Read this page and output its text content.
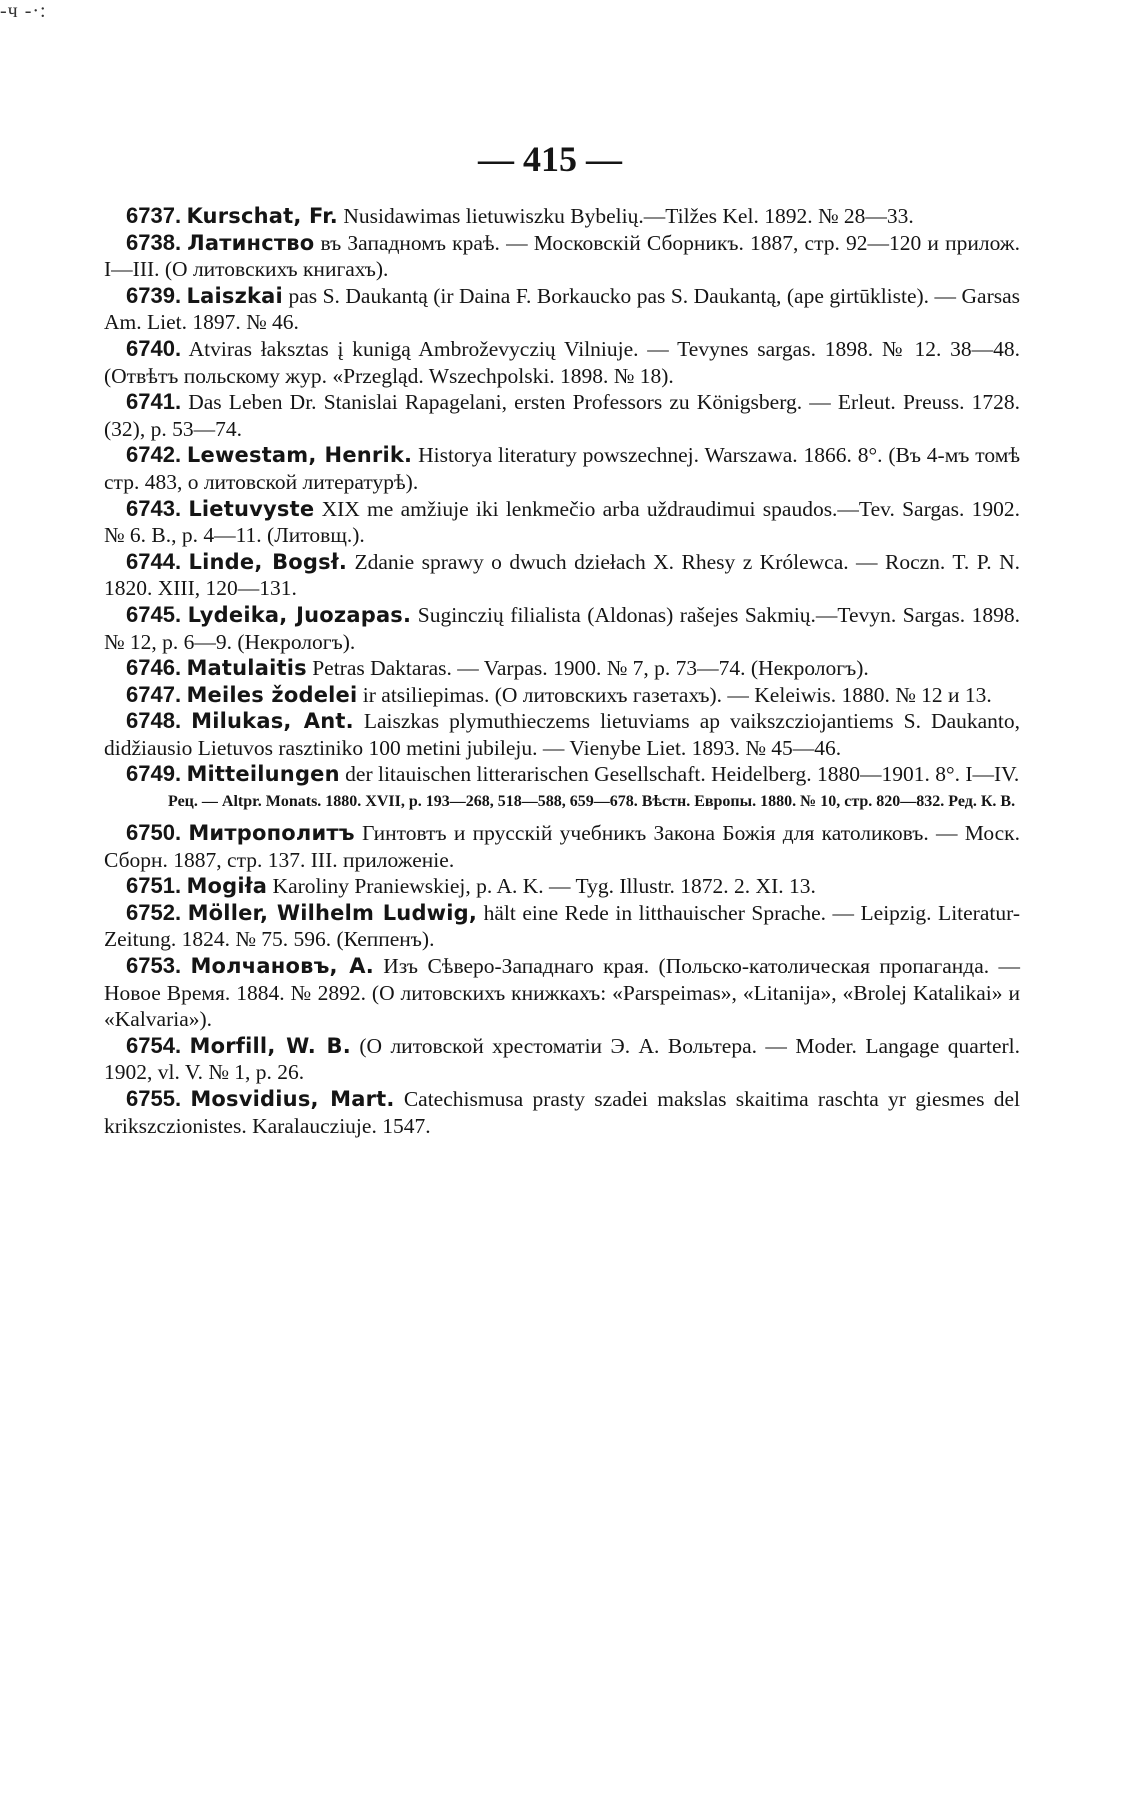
-ч -·:
— 415 —

6737. Kurschat, Fr. Nusidawimas lietuwiszku Bybelių.—Tilžes Kel. 1892. № 28—33.

6738. Латинство въ Западномъ краѣ. — Московскій Сборникъ. 1887, стр. 92—120 и прилож. I—III. (О литовскихъ книгахъ).

6739. Laiszkai pas S. Daukantą (ir Daina F. Borkaucko pas S. Daukantą, (ape girtūkliste). — Garsas Am. Liet. 1897. № 46.

6740. Atviras łaksztas į kunigą Ambroževyczių Vilniuje. — Tevynes sargas. 1898. № 12. 38—48. (Отвѣтъ польскому жур. «Przegląd. Wszechpolski. 1898. № 18).

6741. Das Leben Dr. Stanislai Rapagelani, ersten Professors zu Königsberg. — Erleut. Preuss. 1728. (32), p. 53—74.

6742. Lewestam, Henrik. Historya literatury powszechnej. Warszawa. 1866. 8°. (Въ 4-мъ томѣ стр. 483, о литовской литературѣ).

6743. Lietuvyste XIX me amžiuje iki lenkmečio arba uždraudimui spaudos.—Tev. Sargas. 1902. № 6. B., p. 4—11. (Литовщ.).

6744. Linde, Bogsł. Zdanie sprawy o dwuch dziełach X. Rhesy z Królewca. — Roczn. T. P. N. 1820. XIII, 120—131.

6745. Lydeika, Juozapas. Suginczių filialista (Aldonas) rašejes Sakmių.—Tevyn. Sargas. 1898. № 12, p. 6—9. (Некрологъ).

6746. Matulaitis Petras Daktaras. — Varpas. 1900. № 7, p. 73—74. (Некрологъ).

6747. Meiles žodelei ir atsiliepimas. (О литовскихъ газетахъ). — Keleiwis. 1880. № 12 и 13.

6748. Milukas, Ant. Laiszkas plymuthieczems lietuviams ap vaikszcziojantiems S. Daukanto, didžiausio Lietuvos rasztiniko 100 metini jubileju. — Vienybe Liet. 1893. № 45—46.

6749. Mitteilungen der litauischen litterarischen Gesellschaft. Heidelberg. 1880—1901. 8°. I—IV.

Рец. — Altpr. Monats. 1880. XVII, p. 193—268, 518—588, 659—678. Вѣстн. Европы. 1880. № 10, стр. 820—832. Ред. К. В.

6750. Митрополитъ Гинтовтъ и прусскій учебникъ Закона Божія для католиковъ. — Моск. Сборн. 1887, стр. 137. III. приложеніе.

6751. Mogiła Karoliny Praniewskiej, p. A. K. — Tyg. Illustr. 1872. 2. XI. 13.

6752. Möller, Wilhelm Ludwig, hält eine Rede in litthauischer Sprache. — Leipzig. Literatur-Zeitung. 1824. № 75. 596. (Кеппенъ).

6753. Молчановъ, А. Изъ Сѣверо-Западнаго края. (Польско-католическая пропаганда. — Новое Время. 1884. № 2892. (О литовскихъ книжкахъ: «Parspeimas», «Litanija», «Brolej Katalikai» и «Kalvaria»).

6754. Morfill, W. B. (О литовской хрестоматіи Э. А. Вольтера. — Moder. Langage quarterl. 1902, vl. V. № 1, p. 26.

6755. Mosvidius, Mart. Catechismusa prasty szadei makslas skaitima raschta yr giesmes del krikszczionistes. Karalaucziuje. 1547.
